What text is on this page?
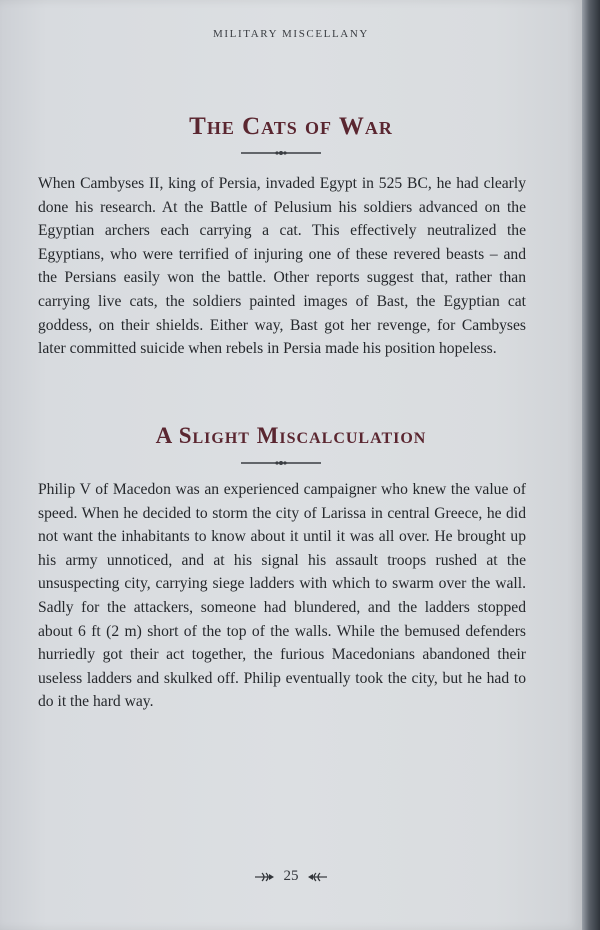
MILITARY MISCELLANY
The Cats of War

When Cambyses II, king of Persia, invaded Egypt in 525 BC, he had clearly done his research. At the Battle of Pelusium his soldiers advanced on the Egyptian archers each carrying a cat. This effectively neutralized the Egyptians, who were terrified of injuring one of these revered beasts – and the Persians easily won the battle. Other reports suggest that, rather than carrying live cats, the soldiers painted images of Bast, the Egyptian cat goddess, on their shields. Either way, Bast got her revenge, for Cambyses later committed suicide when rebels in Persia made his position hopeless.

A Slight Miscalculation

Philip V of Macedon was an experienced campaigner who knew the value of speed. When he decided to storm the city of Larissa in central Greece, he did not want the inhabitants to know about it until it was all over. He brought up his army unnoticed, and at his signal his assault troops rushed at the unsuspecting city, carrying siege ladders with which to swarm over the wall. Sadly for the attackers, someone had blundered, and the ladders stopped about 6 ft (2 m) short of the top of the walls. While the bemused defenders hurriedly got their act together, the furious Macedonians abandoned their useless ladders and skulked off. Philip eventually took the city, but he had to do it the hard way.

25
